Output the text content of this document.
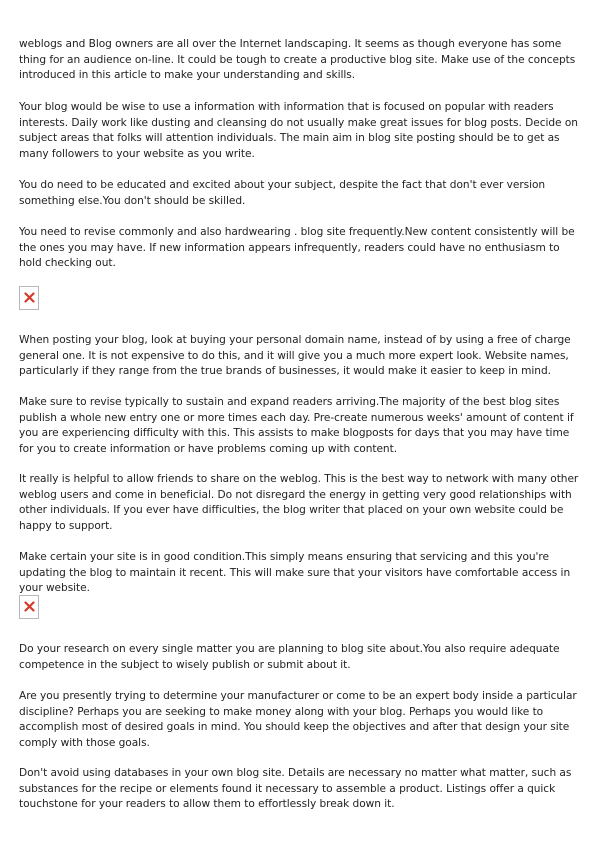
weblogs and Blog owners are all over the Internet landscaping. It seems as though everyone has some thing for an audience on-line. It could be tough to create a productive blog site. Make use of the concepts introduced in this article to make your understanding and skills.

Your blog would be wise to use a information with information that is focused on popular with readers interests. Daily work like dusting and cleansing do not usually make great issues for blog posts. Decide on subject areas that folks will attention individuals. The main aim in blog site posting should be to get as many followers to your website as you write.

You do need to be educated and excited about your subject, despite the fact that don't ever version something else.You don't should be skilled.

You need to revise commonly and also hardwearing . blog site frequently.New content consistently will be the ones you may have. If new information appears infrequently, readers could have no enthusiasm to hold checking out.

When posting your blog, look at buying your personal domain name, instead of by using a free of charge general one. It is not expensive to do this, and it will give you a much more expert look. Website names, particularly if they range from the true brands of businesses, it would make it easier to keep in mind.

Make sure to revise typically to sustain and expand readers arriving.The majority of the best blog sites publish a whole new entry one or more times each day. Pre-create numerous weeks' amount of content if you are experiencing difficulty with this. This assists to make blogposts for days that you may have time for you to create information or have problems coming up with content.

It really is helpful to allow friends to share on the weblog. This is the best way to network with many other weblog users and come in beneficial. Do not disregard the energy in getting very good relationships with other individuals. If you ever have difficulties, the blog writer that placed on your own website could be happy to support.

Make certain your site is in good condition.This simply means ensuring that servicing and this you're updating the blog to maintain it recent. This will make sure that your visitors have comfortable access in your website.

Do your research on every single matter you are planning to blog site about.You also require adequate competence in the subject to wisely publish or submit about it.

Are you presently trying to determine your manufacturer or come to be an expert body inside a particular discipline? Perhaps you are seeking to make money along with your blog. Perhaps you would like to accomplish most of desired goals in mind. You should keep the objectives and after that design your site comply with those goals.

Don't avoid using databases in your own blog site. Details are necessary no matter what matter, such as substances for the recipe or elements found it necessary to assemble a product. Listings offer a quick touchstone for your readers to allow them to effortlessly break down it.
